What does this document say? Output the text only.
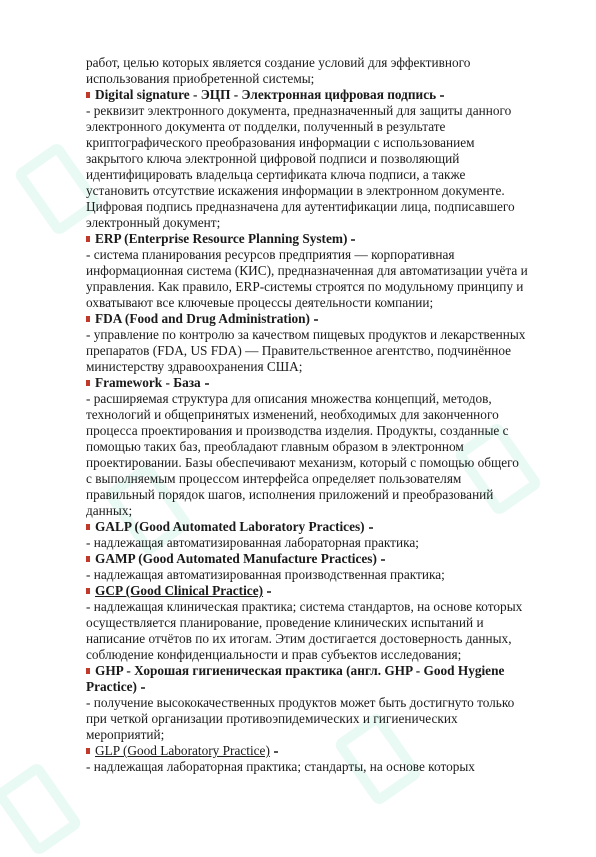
работ, целью которых является создание условий для эффективного
использования приобретенной системы;
Digital signature - ЭЦП - Электронная цифровая подпись
- реквизит электронного документа, предназначенный для защиты данного
электронного документа от подделки, полученный в результате
криптографического преобразования информации с использованием
закрытого ключа электронной цифровой подписи и позволяющий
идентифицировать владельца сертификата ключа подписи, а также
установить отсутствие искажения информации в электронном документе.
Цифровая подпись предназначена для аутентификации лица, подписавшего
электронный документ;
ERP (Enterprise Resource Planning System)
- система планирования ресурсов предприятия — корпоративная
информационная система (КИС), предназначенная для автоматизации учёта и
управления. Как правило, ERP-системы строятся по модульному принципу и
охватывают все ключевые процессы деятельности компании;
FDA (Food and Drug Administration)
- управление по контролю за качеством пищевых продуктов и лекарственных
препаратов (FDA, US FDA) — Правительственное агентство, подчинённое
министерству здравоохранения США;
Framework - База
- расширяемая структура для описания множества концепций, методов,
технологий и общепринятых изменений, необходимых для законченного
процесса проектирования и производства изделия. Продукты, созданные с
помощью таких баз, преобладают главным образом в электронном
проектировании. Базы обеспечивают механизм, который с помощью общего
с выполняемым процессом интерфейса определяет пользователям
правильный порядок шагов, исполнения приложений и преобразований
данных;
GALP (Good Automated Laboratory Practices)
- надлежащая автоматизированная лабораторная практика;
GAMP (Good Automated Manufacture Practices)
- надлежащая автоматизированная производственная практика;
GCP (Good Clinical Practice)
- надлежащая клиническая практика; система стандартов, на основе которых
осуществляется планирование, проведение клинических испытаний и
написание отчётов по их итогам. Этим достигается достоверность данных,
соблюдение конфиденциальности и прав субъектов исследования;
GHP - Хорошая гигиеническая практика (англ. GHP - Good Hygiene
Practice)
- получение высококачественных продуктов может быть достигнуто только
при четкой организации противоэпидемических и гигиенических
мероприятий;
GLP (Good Laboratory Practice)
- надлежащая лабораторная практика; стандарты, на основе которых
